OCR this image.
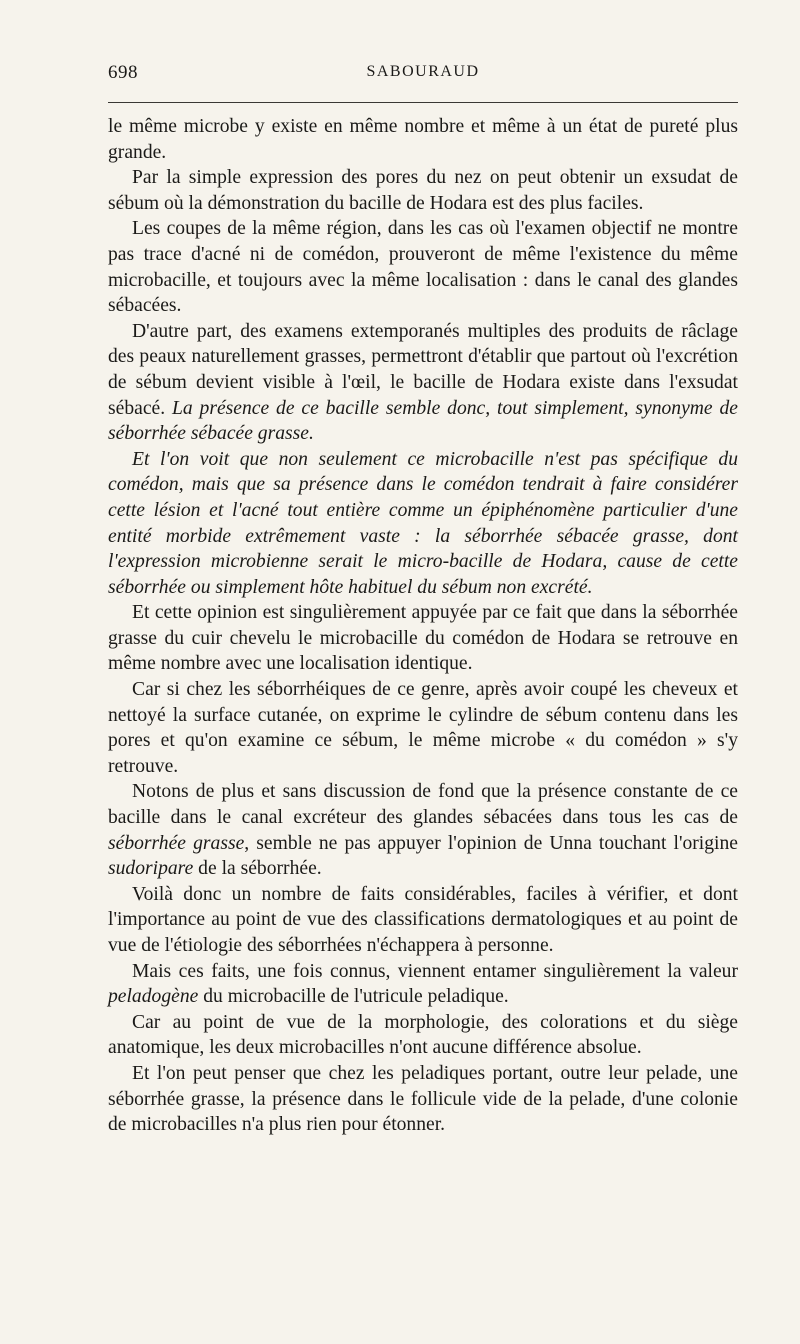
698	SABOURAUD

le même microbe y existe en même nombre et même à un état de pureté plus grande.

Par la simple expression des pores du nez on peut obtenir un exsudat de sébum où la démonstration du bacille de Hodara est des plus faciles.

Les coupes de la même région, dans les cas où l'examen objectif ne montre pas trace d'acné ni de comédon, prouveront de même l'existence du même microbacille, et toujours avec la même localisation : dans le canal des glandes sébacées.

D'autre part, des examens extemporanés multiples des produits de râclage des peaux naturellement grasses, permettront d'établir que partout où l'excrétion de sébum devient visible à l'œil, le bacille de Hodara existe dans l'exsudat sébacé. La présence de ce bacille semble donc, tout simplement, synonyme de séborrhée sébacée grasse.

Et l'on voit que non seulement ce microbacille n'est pas spécifique du comédon, mais que sa présence dans le comédon tendrait à faire considérer cette lésion et l'acné tout entière comme un épiphénomène particulier d'une entité morbide extrêmement vaste : la séborrhée sébacée grasse, dont l'expression microbienne serait le micro-bacille de Hodara, cause de cette séborrhée ou simplement hôte habituel du sébum non excrété.

Et cette opinion est singulièrement appuyée par ce fait que dans la séborrhée grasse du cuir chevelu le microbacille du comédon de Hodara se retrouve en même nombre avec une localisation identique.

Car si chez les séborrhéiques de ce genre, après avoir coupé les cheveux et nettoyé la surface cutanée, on exprime le cylindre de sébum contenu dans les pores et qu'on examine ce sébum, le même microbe « du comédon » s'y retrouve.

Notons de plus et sans discussion de fond que la présence constante de ce bacille dans le canal excréteur des glandes sébacées dans tous les cas de séborrhée grasse, semble ne pas appuyer l'opinion de Unna touchant l'origine sudoripare de la séborrhée.

Voilà donc un nombre de faits considérables, faciles à vérifier, et dont l'importance au point de vue des classifications dermatologiques et au point de vue de l'étiologie des séborrhées n'échappera à personne.

Mais ces faits, une fois connus, viennent entamer singulièrement la valeur peladogène du microbacille de l'utricule peladique.

Car au point de vue de la morphologie, des colorations et du siège anatomique, les deux microbacilles n'ont aucune différence absolue.

Et l'on peut penser que chez les peladiques portant, outre leur pelade, une séborrhée grasse, la présence dans le follicule vide de la pelade, d'une colonie de microbacilles n'a plus rien pour étonner.
